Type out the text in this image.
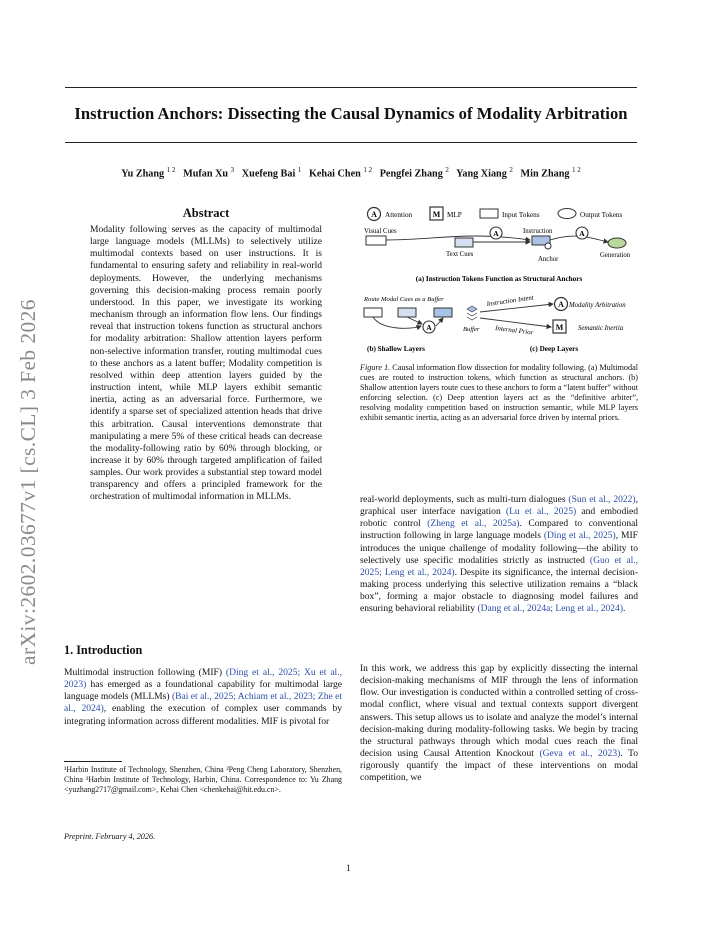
Instruction Anchors: Dissecting the Causal Dynamics of Modality Arbitration
Yu Zhang $^{1 2}$ Mufan Xu $^3$ Xuefeng Bai $^1$ Kehai Chen $^{1 2}$ Pengfei Zhang $^2$ Yang Xiang $^2$ Min Zhang $^{1 2}$
arXiv:2602.03677v1 [cs.CL] 3 Feb 2026
Abstract
Modality following serves as the capacity of multimodal large language models (MLLMs) to selectively utilize multimodal contexts based on user instructions. It is fundamental to ensuring safety and reliability in real-world deployments. However, the underlying mechanisms governing this decision-making process remain poorly understood. In this paper, we investigate its working mechanism through an information flow lens. Our findings reveal that instruction tokens function as structural anchors for modality arbitration: Shallow attention layers perform non-selective information transfer, routing multimodal cues to these anchors as a latent buffer; Modality competition is resolved within deep attention layers guided by the instruction intent, while MLP layers exhibit semantic inertia, acting as an adversarial force. Furthermore, we identify a sparse set of specialized attention heads that drive this arbitration. Causal interventions demonstrate that manipulating a mere 5% of these critical heads can decrease the modality-following ratio by 60% through blocking, or increase it by 60% through targeted amplification of failed samples. Our work provides a substantial step toward model transparency and offers a principled framework for the orchestration of multimodal information in MLLMs.
1. Introduction
Multimodal instruction following (MIF) (Ding et al., 2025; Xu et al., 2023) has emerged as a foundational capability for multimodal large language models (MLLMs) (Bai et al., 2025; Achiam et al., 2023; Zhe et al., 2024), enabling the execution of complex user commands by integrating information across different modalities. MIF is pivotal for
¹Harbin Institute of Technology, Shenzhen, China ²Peng Cheng Laboratory, Shenzhen, China ³Harbin Institute of Technology, Harbin, China. Correspondence to: Yu Zhang <yuzhang2717@gmail.com>, Kehai Chen <chenkehai@hit.edu.cn>.
Preprint. February 4, 2026.
A Attention	M MLP	Input Tokens	Output Tokens
Visual Cues
Text Cues
Instruction
Anchor
Generation
A	A
(a) Instruction Tokens Function as Structural Anchors
Route Modal Cues as a Buffer
A	Buffer
(b) Shallow Layers
Instruction Intent
Internal Prior
A Modality Arbitration
M Semantic Inertia
(c) Deep Layers
Figure 1. Causal information flow dissection for modality following. (a) Multimodal cues are routed to instruction tokens, which function as structural anchors. (b) Shallow attention layers route cues to these anchors to form a “latent buffer” without enforcing selection. (c) Deep attention layers act as the “definitive arbiter”, resolving modality competition based on instruction semantic, while MLP layers exhibit semantic inertia, acting as an adversarial force driven by internal priors.
real-world deployments, such as multi-turn dialogues (Sun et al., 2022), graphical user interface navigation (Lu et al., 2025) and embodied robotic control (Zheng et al., 2025a). Compared to conventional instruction following in large language models (Ding et al., 2025), MIF introduces the unique challenge of modality following—the ability to selectively use specific modalities strictly as instructed (Guo et al., 2025; Leng et al., 2024). Despite its significance, the internal decision-making process underlying this selective utilization remains a “black box”, forming a major obstacle to diagnosing model failures and ensuring behavioral reliability (Dang et al., 2024a; Leng et al., 2024).
In this work, we address this gap by explicitly dissecting the internal decision-making mechanisms of MIF through the lens of information flow. Our investigation is conducted within a controlled setting of cross-modal conflict, where visual and textual contexts support divergent answers. This setup allows us to isolate and analyze the model’s internal decision-making during modality-following tasks. We begin by tracing the structural pathways through which modal cues reach the final decision using Causal Attention Knockout (Geva et al., 2023). To rigorously quantify the impact of these interventions on modal competition, we
1
